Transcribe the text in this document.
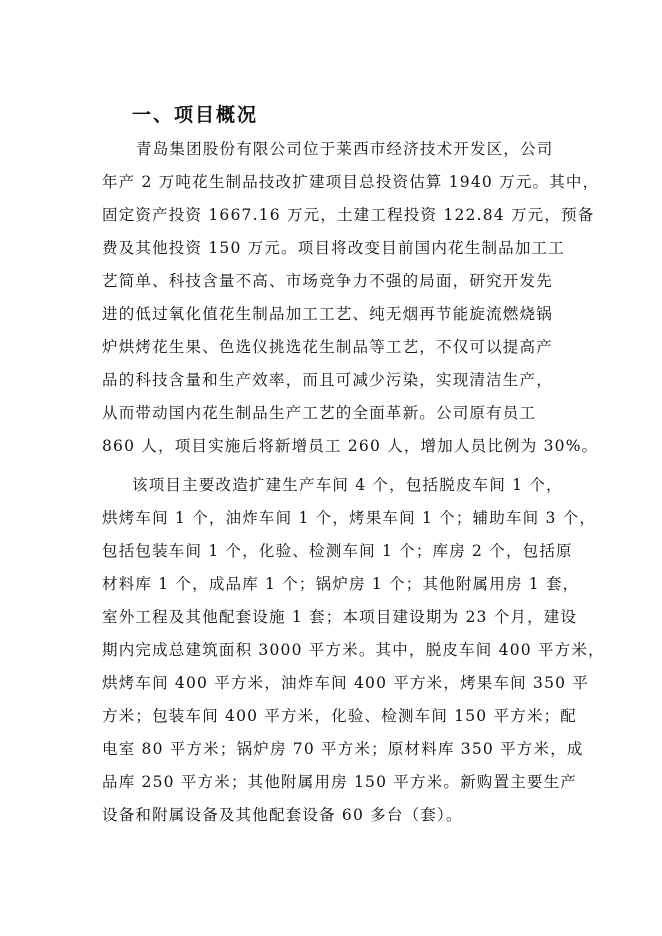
一、项目概况
青岛集团股份有限公司位于莱西市经济技术开发区，公司
年产 2 万吨花生制品技改扩建项目总投资估算 1940 万元。其中，
固定资产投资 1667.16 万元，土建工程投资 122.84 万元，预备
费及其他投资 150 万元。项目将改变目前国内花生制品加工工
艺简单、科技含量不高、市场竞争力不强的局面，研究开发先
进的低过氧化值花生制品加工工艺、纯无烟再节能旋流燃烧锅
炉烘烤花生果、色选仪挑选花生制品等工艺，不仅可以提高产
品的科技含量和生产效率，而且可减少污染，实现清洁生产，
从而带动国内花生制品生产工艺的全面革新。公司原有员工
860 人，项目实施后将新增员工 260 人，增加人员比例为 30%。
该项目主要改造扩建生产车间 4 个，包括脱皮车间 1 个，
烘烤车间 1 个，油炸车间 1 个，烤果车间 1 个；辅助车间 3 个，
包括包装车间 1 个，化验、检测车间 1 个；库房 2 个，包括原
材料库 1 个，成品库 1 个；锅炉房 1 个；其他附属用房 1 套，
室外工程及其他配套设施 1 套；本项目建设期为 23 个月，建设
期内完成总建筑面积 3000 平方米。其中，脱皮车间 400 平方米，
烘烤车间 400 平方米，油炸车间 400 平方米，烤果车间 350 平
方米；包装车间 400 平方米，化验、检测车间 150 平方米；配
电室 80 平方米；锅炉房 70 平方米；原材料库 350 平方米，成
品库 250 平方米；其他附属用房 150 平方米。新购置主要生产
设备和附属设备及其他配套设备 60 多台（套）。
